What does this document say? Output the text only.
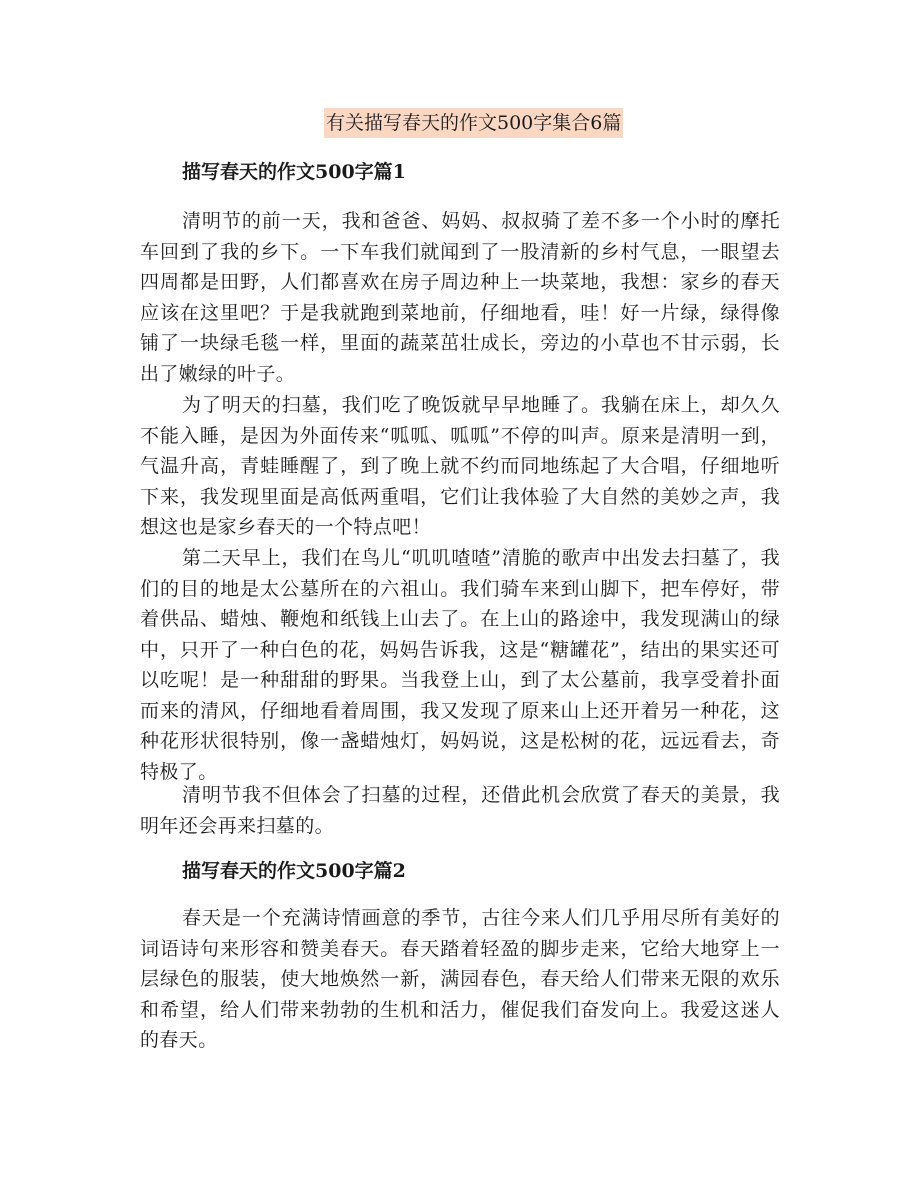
有关描写春天的作文500字集合6篇
描写春天的作文500字篇1

清明节的前一天，我和爸爸、妈妈、叔叔骑了差不多一个小时的摩托车回到了我的乡下。一下车我们就闻到了一股清新的乡村气息，一眼望去四周都是田野，人们都喜欢在房子周边种上一块菜地，我想：家乡的春天应该在这里吧？于是我就跑到菜地前，仔细地看，哇！好一片绿，绿得像铺了一块绿毛毯一样，里面的蔬菜茁壮成长，旁边的小草也不甘示弱，长出了嫩绿的叶子。

为了明天的扫墓，我们吃了晚饭就早早地睡了。我躺在床上，却久久不能入睡，是因为外面传来“呱呱、呱呱”不停的叫声。原来是清明一到，气温升高，青蛙睡醒了，到了晚上就不约而同地练起了大合唱，仔细地听下来，我发现里面是高低两重唱，它们让我体验了大自然的美妙之声，我想这也是家乡春天的一个特点吧！

第二天早上，我们在鸟儿“叽叽喳喳”清脆的歌声中出发去扫墓了，我们的目的地是太公墓所在的六祖山。我们骑车来到山脚下，把车停好，带着供品、蜡烛、鞭炮和纸钱上山去了。在上山的路途中，我发现满山的绿中，只开了一种白色的花，妈妈告诉我，这是“糖罐花”，结出的果实还可以吃呢！是一种甜甜的野果。当我登上山，到了太公墓前，我享受着扑面而来的清风，仔细地看着周围，我又发现了原来山上还开着另一种花，这种花形状很特别，像一盏蜡烛灯，妈妈说，这是松树的花，远远看去，奇特极了。

清明节我不但体会了扫墓的过程，还借此机会欣赏了春天的美景，我明年还会再来扫墓的。

描写春天的作文500字篇2

春天是一个充满诗情画意的季节，古往今来人们几乎用尽所有美好的词语诗句来形容和赞美春天。春天踏着轻盈的脚步走来，它给大地穿上一层绿色的服装，使大地焕然一新，满园春色，春天给人们带来无限的欢乐和希望，给人们带来勃勃的生机和活力，催促我们奋发向上。我爱这迷人的春天。
